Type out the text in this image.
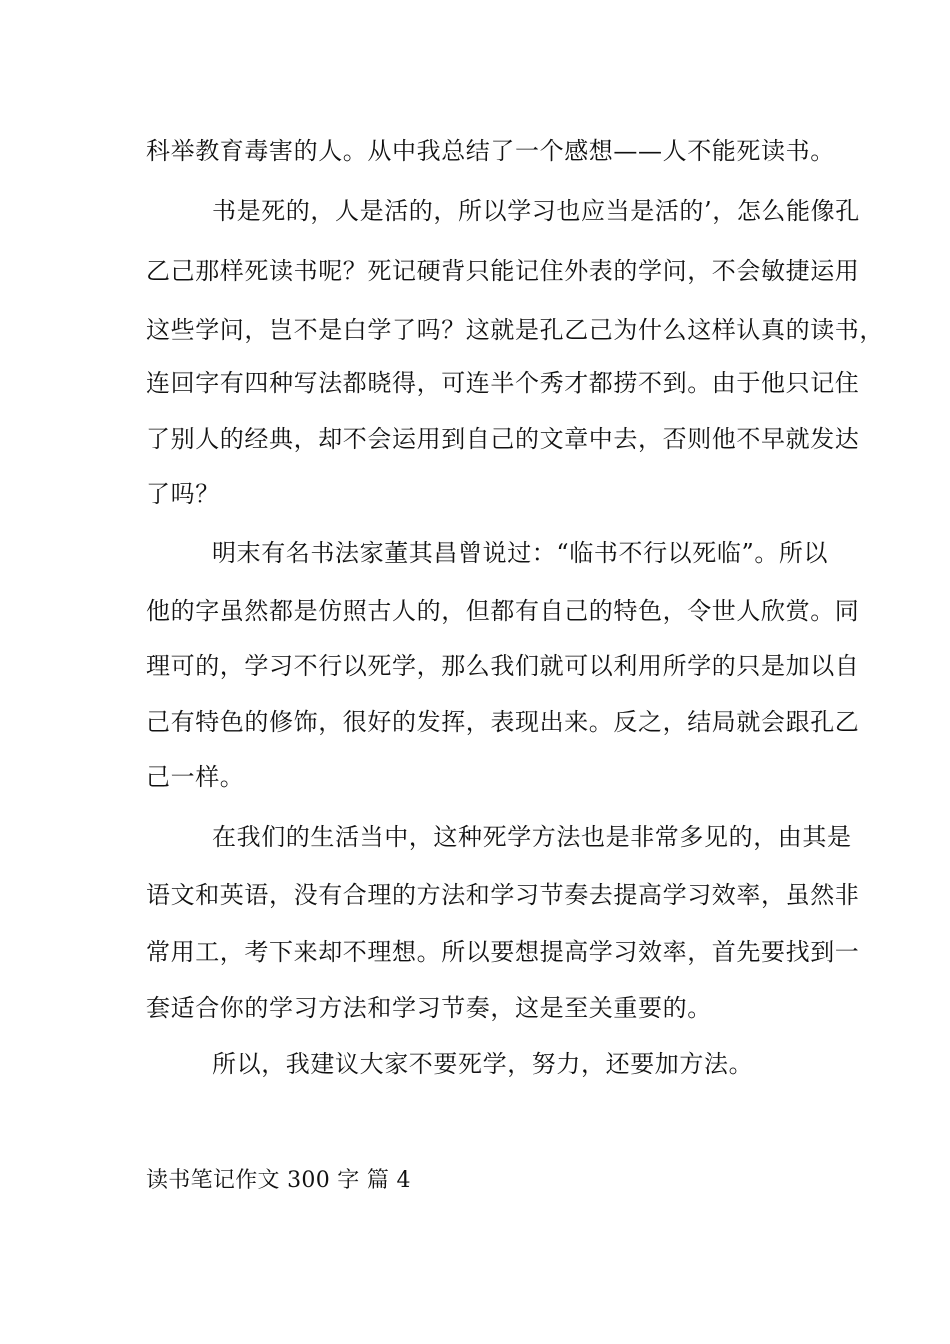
科举教育毒害的人。从中我总结了一个感想——人不能死读书。
书是死的，人是活的，所以学习也应当是活的’，怎么能像孔
乙己那样死读书呢？死记硬背只能记住外表的学问，不会敏捷运用
这些学问，岂不是白学了吗？这就是孔乙己为什么这样认真的读书，
连回字有四种写法都晓得，可连半个秀才都捞不到。由于他只记住
了别人的经典，却不会运用到自己的文章中去，否则他不早就发达
了吗？
明末有名书法家董其昌曾说过：“临书不行以死临”。所以
他的字虽然都是仿照古人的，但都有自己的特色，令世人欣赏。同
理可的，学习不行以死学，那么我们就可以利用所学的只是加以自
己有特色的修饰，很好的发挥，表现出来。反之，结局就会跟孔乙
己一样。
在我们的生活当中，这种死学方法也是非常多见的，由其是
语文和英语，没有合理的方法和学习节奏去提高学习效率，虽然非
常用工，考下来却不理想。所以要想提高学习效率，首先要找到一
套适合你的学习方法和学习节奏，这是至关重要的。
所以，我建议大家不要死学，努力，还要加方法。
读书笔记作文 300 字 篇 4
